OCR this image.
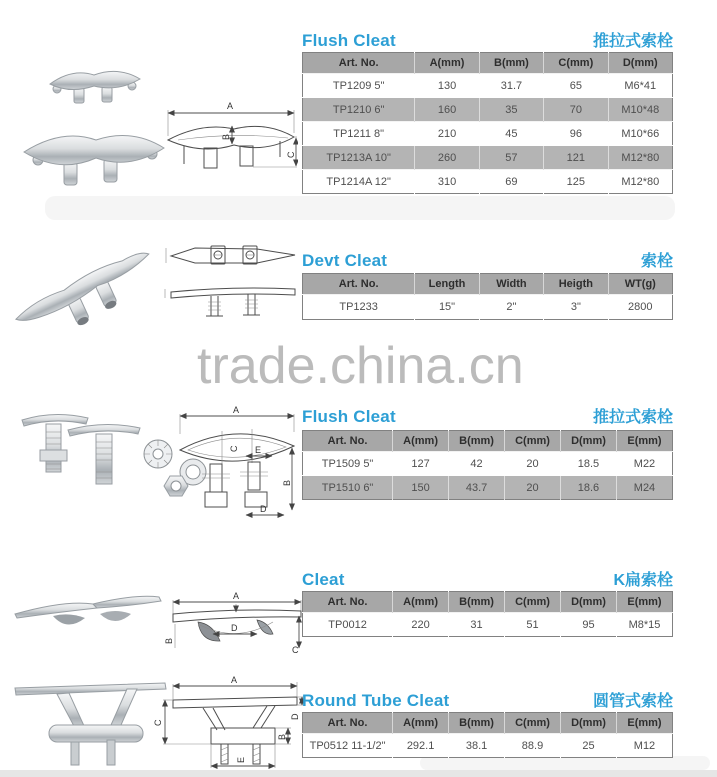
trade.china.cn
A
B
C
A
C E
B
D
A
D
C
B
A
D
C
B
E
Flush Cleat	推拉式索栓
Art. No.	A(mm)	B(mm)	C(mm)	D(mm)
TP1209 5"	130	31.7	65	M6*41
TP1210 6"	160	35	70	M10*48
TP1211 8"	210	45	96	M10*66
TP1213A 10"	260	57	121	M12*80
TP1214A 12"	310	69	125	M12*80
Devt Cleat	索栓
Art. No.	Length	Width	Heigth	WT(g)
TP1233	15"	2"	3"	2800
Flush Cleat	推拉式索栓
Art. No.	A(mm)	B(mm)	C(mm)	D(mm)	E(mm)
TP1509 5"	127	42	20	18.5	M22
TP1510 6"	150	43.7	20	18.6	M24
Cleat	K扁索栓
Art. No.	A(mm)	B(mm)	C(mm)	D(mm)	E(mm)
TP0012	220	31	51	95	M8*15
Round Tube Cleat	圆管式索栓
Art. No.	A(mm)	B(mm)	C(mm)	D(mm)	E(mm)
TP0512 11-1/2"	292.1	38.1	88.9	25	M12
